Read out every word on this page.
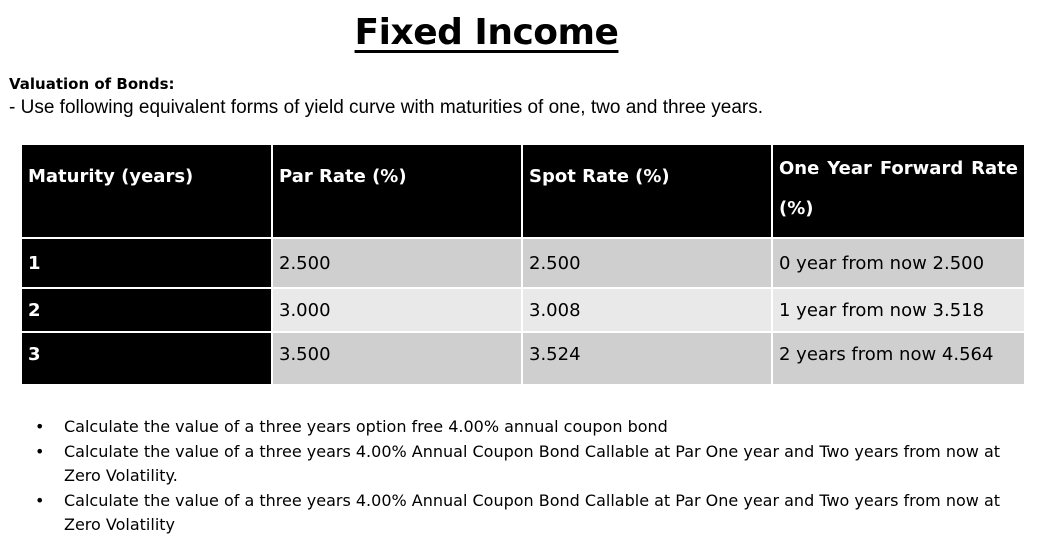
Fixed Income
Valuation of Bonds:
- Use following equivalent forms of yield curve with maturities of one, two and three years.
Maturity (years)	Par Rate (%)	Spot Rate (%)	One Year Forward Rate (%)
1	2.500	2.500	0 year from now 2.500
2	3.000	3.008	1 year from now 3.518
3	3.500	3.524	2 years from now 4.564
• Calculate the value of a three years option free 4.00% annual coupon bond
• Calculate the value of a three years 4.00% Annual Coupon Bond Callable at Par One year and Two years from now at Zero Volatility.
• Calculate the value of a three years 4.00% Annual Coupon Bond Callable at Par One year and Two years from now at Zero Volatility
